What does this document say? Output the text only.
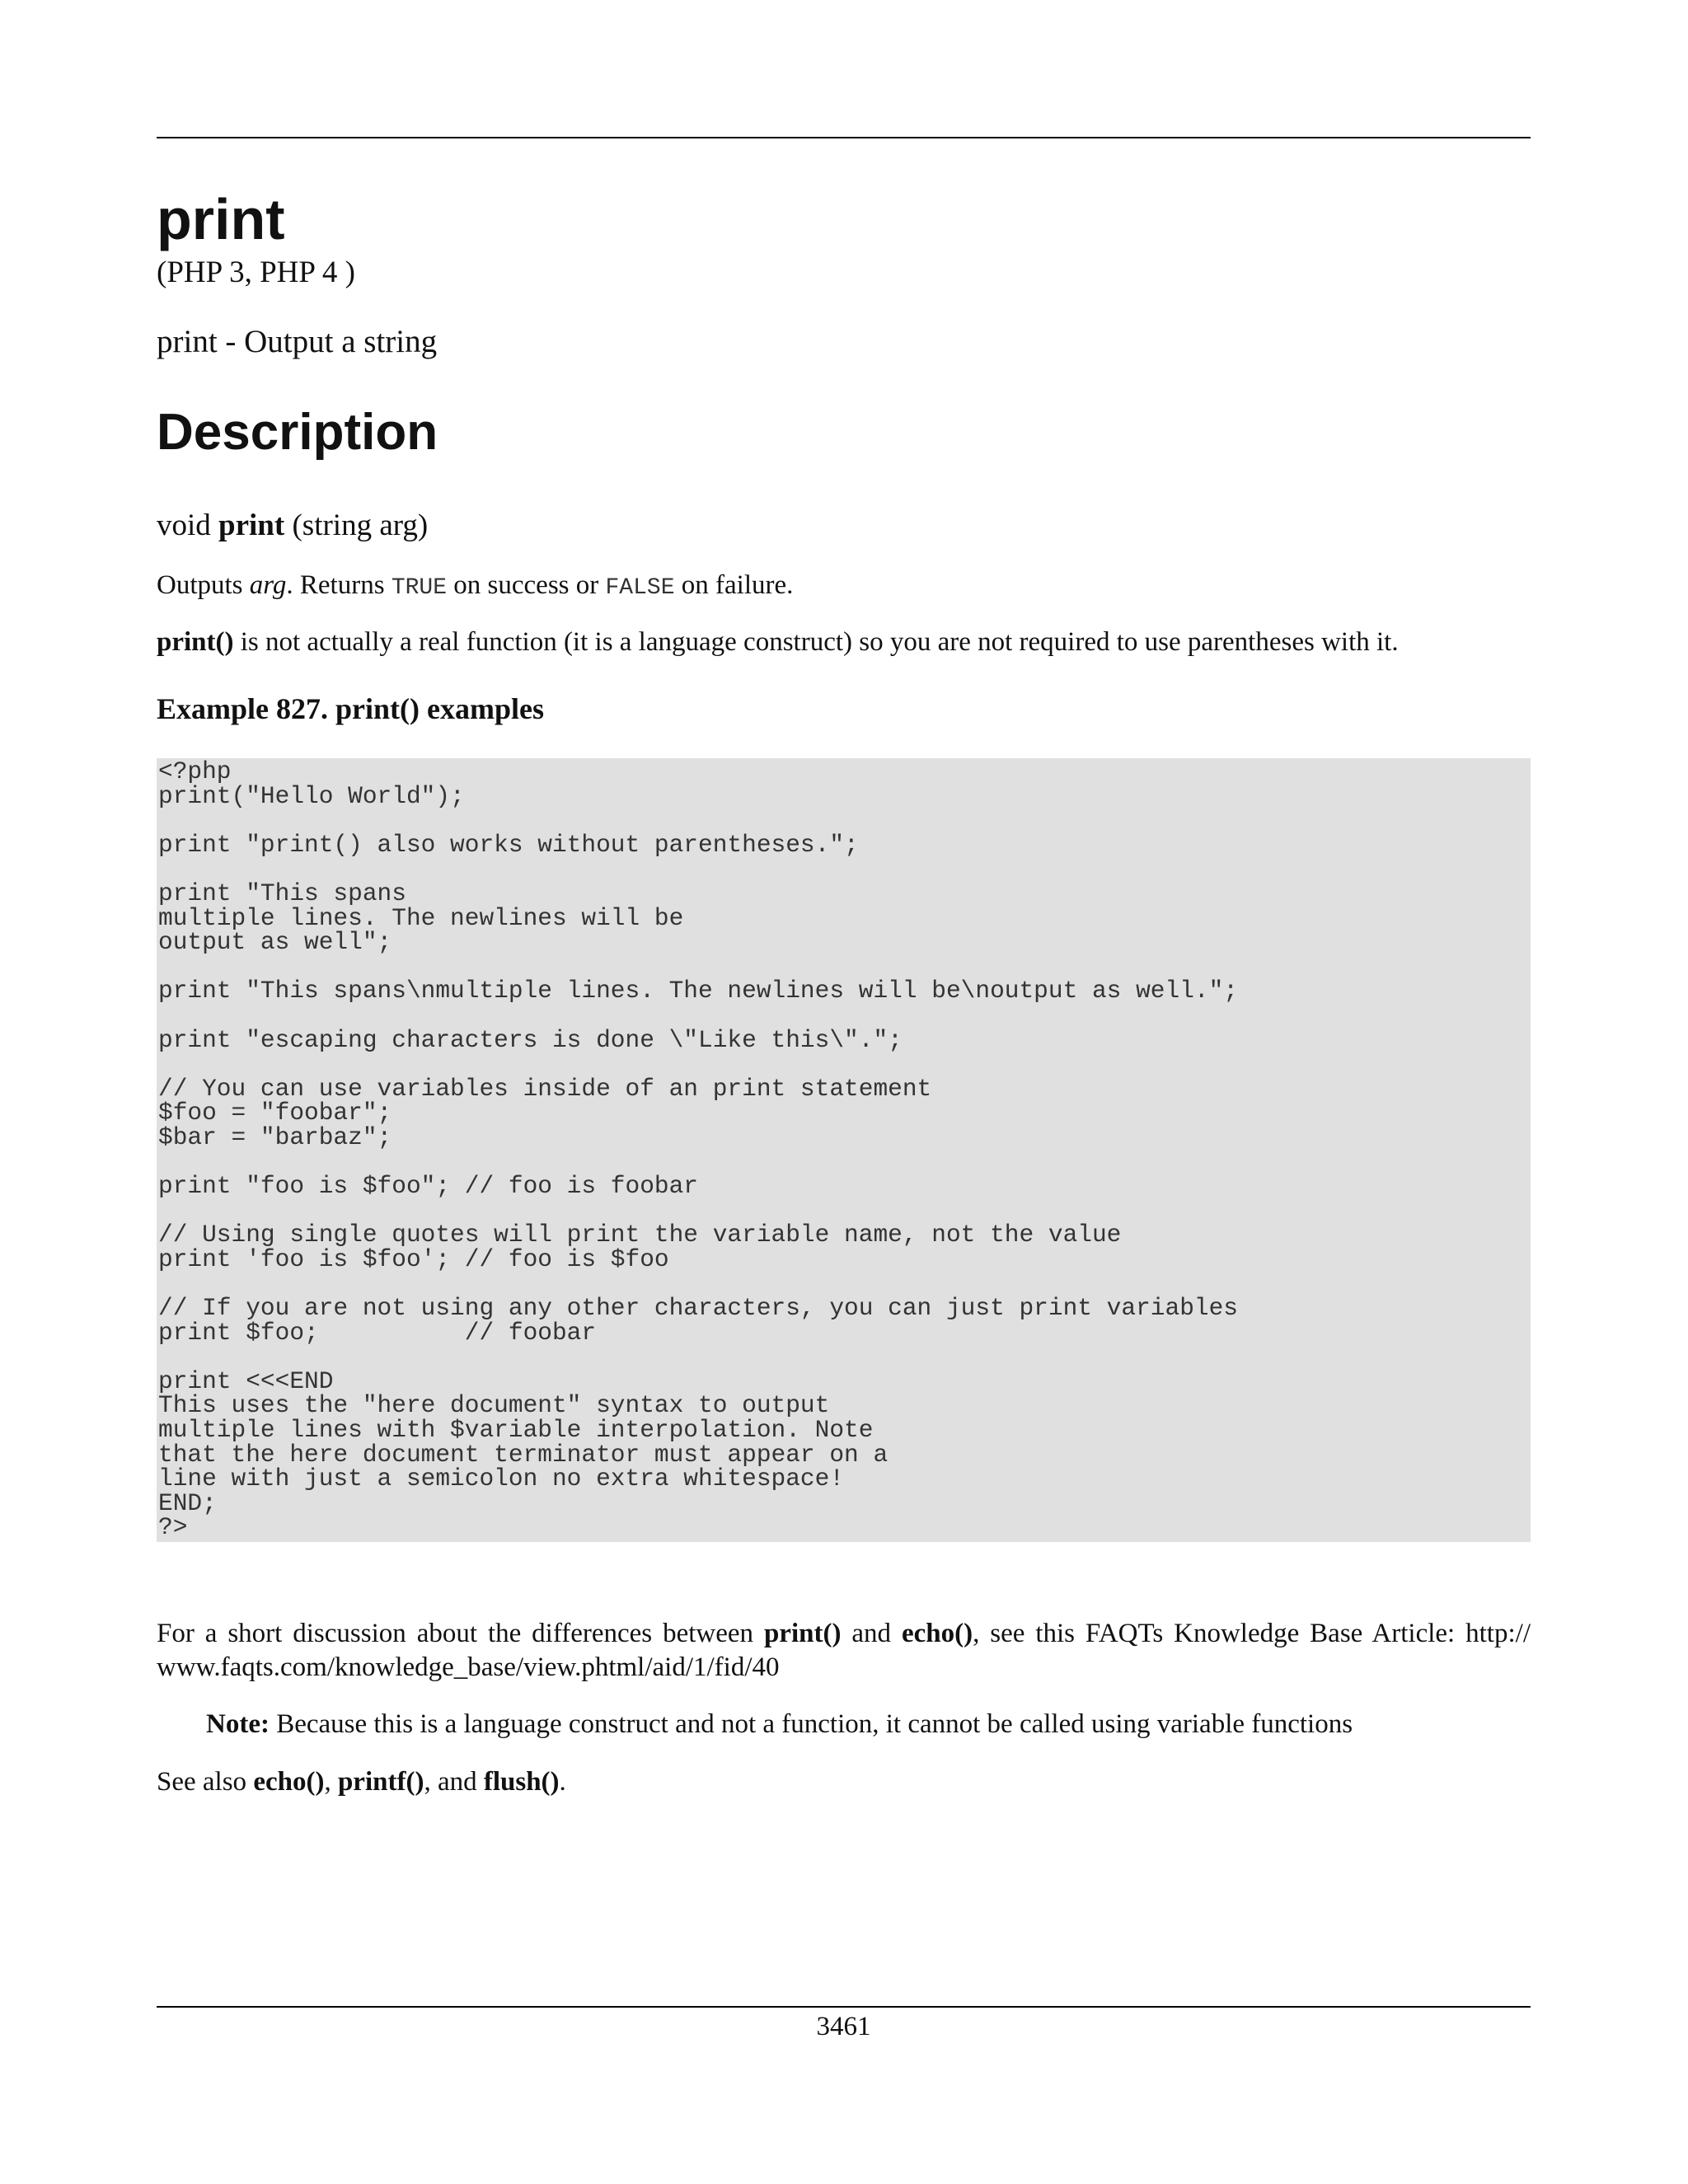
print
(PHP 3, PHP 4 )
print - Output a string
Description
void print (string arg)
Outputs arg. Returns TRUE on success or FALSE on failure.
print() is not actually a real function (it is a language construct) so you are not required to use parentheses with it.
Example 827. print() examples
<?php
print("Hello World");
print "print() also works without parentheses.";
print "This spans
multiple lines. The newlines will be
output as well";
print "This spans\nmultiple lines. The newlines will be\noutput as well.";
print "escaping characters is done \"Like this\".";
// You can use variables inside of an print statement
$foo = "foobar";
$bar = "barbaz";
print "foo is $foo"; // foo is foobar
// Using single quotes will print the variable name, not the value
print 'foo is $foo'; // foo is $foo
// If you are not using any other characters, you can just print variables
print $foo;          // foobar
print <<<END
This uses the "here document" syntax to output
multiple lines with $variable interpolation. Note
that the here document terminator must appear on a
line with just a semicolon no extra whitespace!
END;
?>
For a short discussion about the differences between print() and echo(), see this FAQTs Knowledge Base Article: http:// www.faqts.com/knowledge_base/view.phtml/aid/1/fid/40
Note: Because this is a language construct and not a function, it cannot be called using variable functions
See also echo(), printf(), and flush().
3461
